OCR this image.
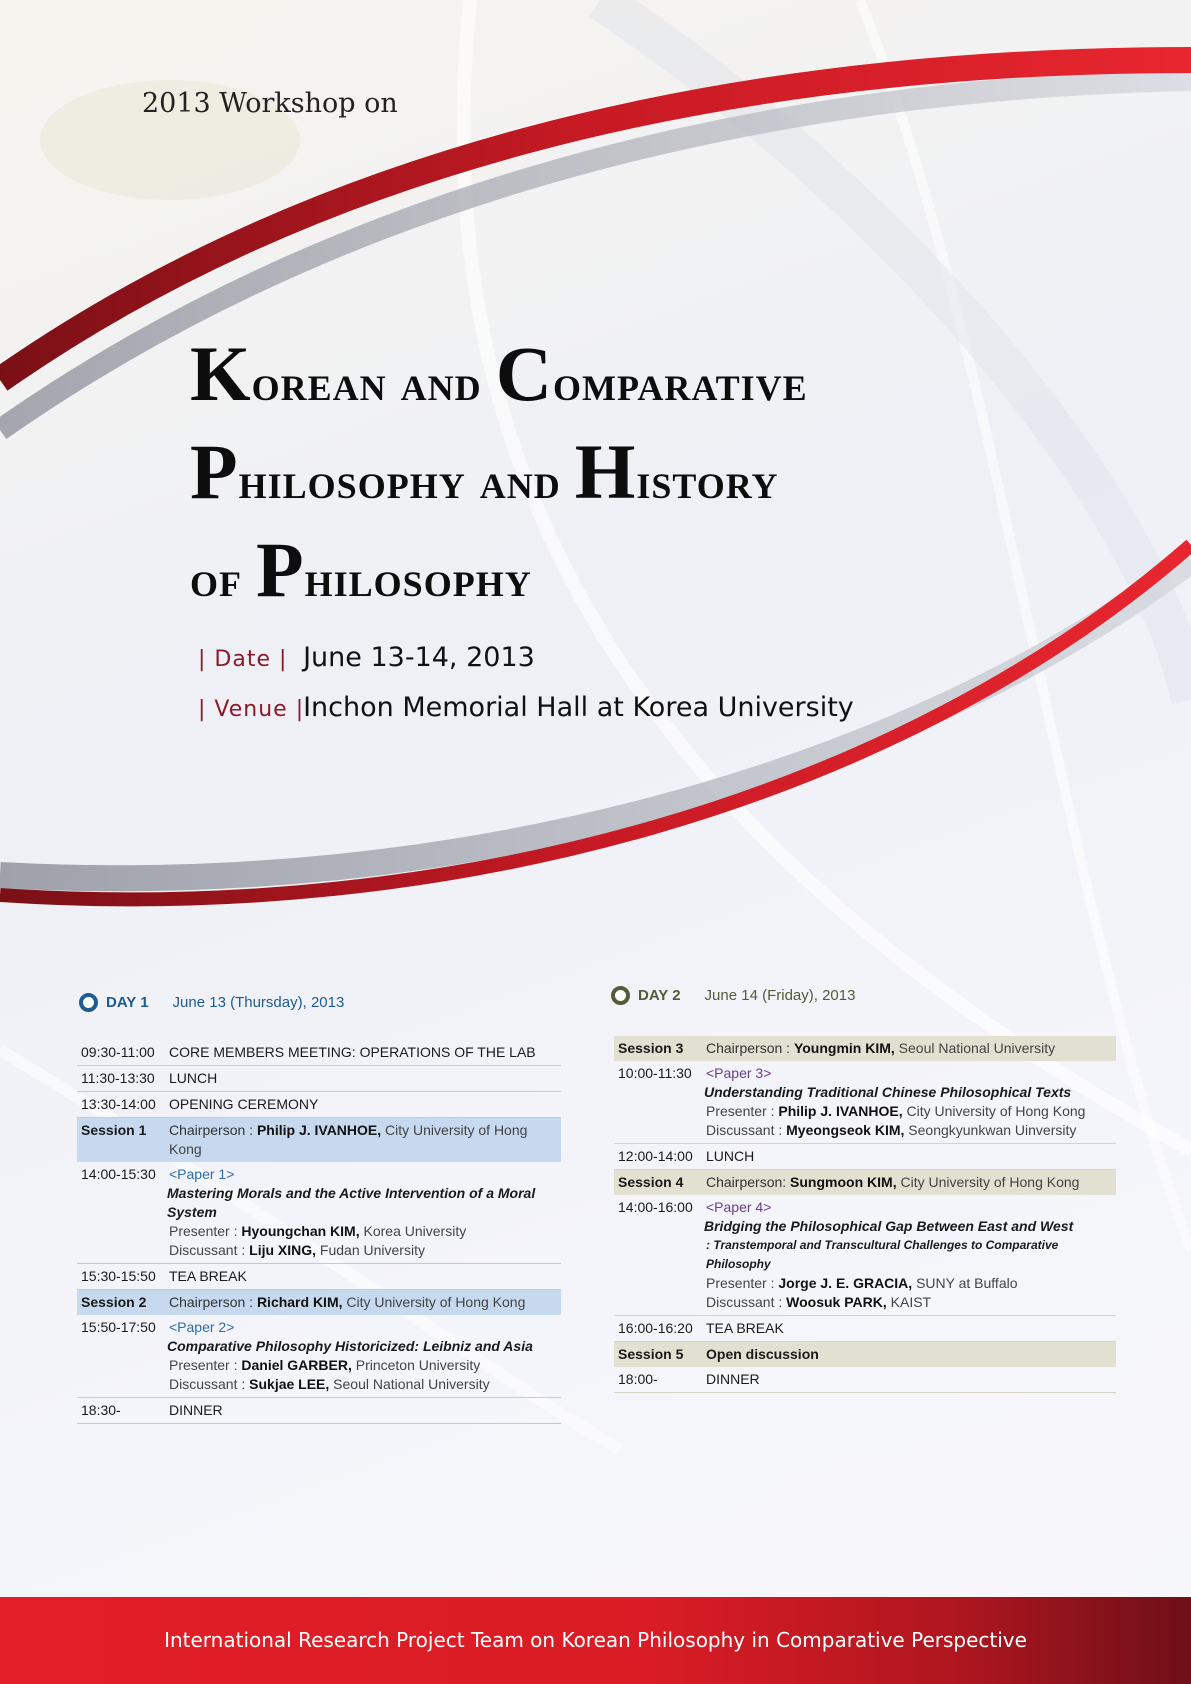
2013 Workshop on
Korean and Comparative
Philosophy and History
of Philosophy
| Date | June 13-14, 2013
| Venue | Inchon Memorial Hall at Korea University
DAY 1 June 13 (Thursday), 2013
09:30-11:00	CORE MEMBERS MEETING: OPERATIONS OF THE LAB
11:30-13:30	LUNCH
13:30-14:00	OPENING CEREMONY
Session 1	Chairperson : Philip J. IVANHOE, City University of Hong Kong
14:00-15:30	<Paper 1>
Mastering Morals and the Active Intervention of a Moral System
Presenter : Hyoungchan KIM, Korea University
Discussant : Liju XING, Fudan University

15:30-15:50	TEA BREAK
Session 2	Chairperson : Richard KIM, City University of Hong Kong
15:50-17:50	<Paper 2>
Comparative Philosophy Historicized: Leibniz and Asia
Presenter : Daniel GARBER, Princeton University
Discussant : Sukjae LEE, Seoul National University

18:30-	DINNER
DAY 2 June 14 (Friday), 2013
Session 3	Chairperson : Youngmin KIM, Seoul National University
10:00-11:30	<Paper 3>
Understanding Traditional Chinese Philosophical Texts
Presenter : Philip J. IVANHOE, City University of Hong Kong
Discussant : Myeongseok KIM, Seongkyunkwan Uinversity

12:00-14:00	LUNCH
Session 4	Chairperson: Sungmoon KIM, City University of Hong Kong
14:00-16:00	<Paper 4>
Bridging the Philosophical Gap Between East and West
: Transtemporal and Transcultural Challenges to Comparative Philosophy
Presenter : Jorge J. E. GRACIA, SUNY at Buffalo
Discussant : Woosuk PARK, KAIST

16:00-16:20	TEA BREAK
Session 5	Open discussion
18:00-	DINNER
International Research Project Team on Korean Philosophy in Comparative Perspective
